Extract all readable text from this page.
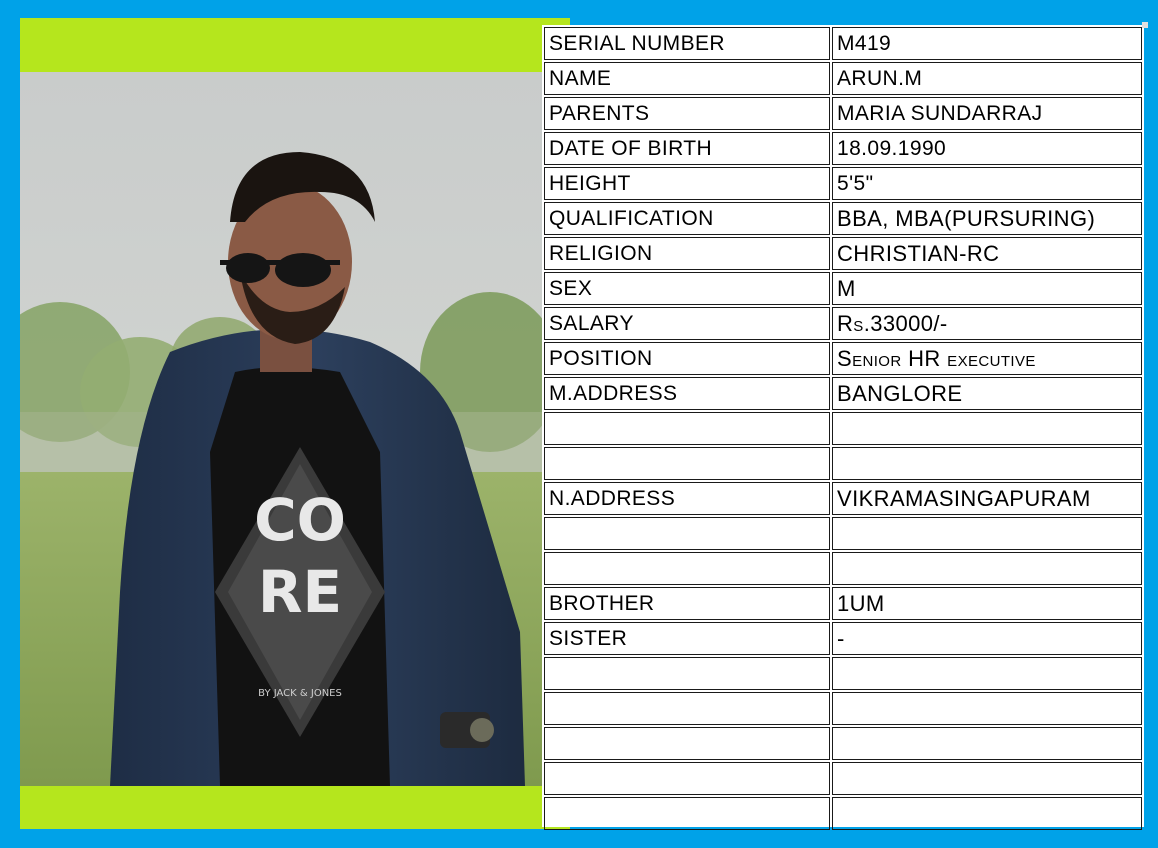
CO
RE
BY JACK & JONES
SERIAL NUMBER	M419
NAME	ARUN.M
PARENTS	MARIA SUNDARRAJ
DATE OF BIRTH	18.09.1990
HEIGHT	5'5"
QUALIFICATION	BBA, MBA(PURSURING)
RELIGION	CHRISTIAN-RC
SEX	M
SALARY	Rs.33000/-
POSITION	Senior HR executive
M.ADDRESS	BANGLORE

N.ADDRESS	VIKRAMASINGAPURAM

BROTHER	1UM
SISTER	-
